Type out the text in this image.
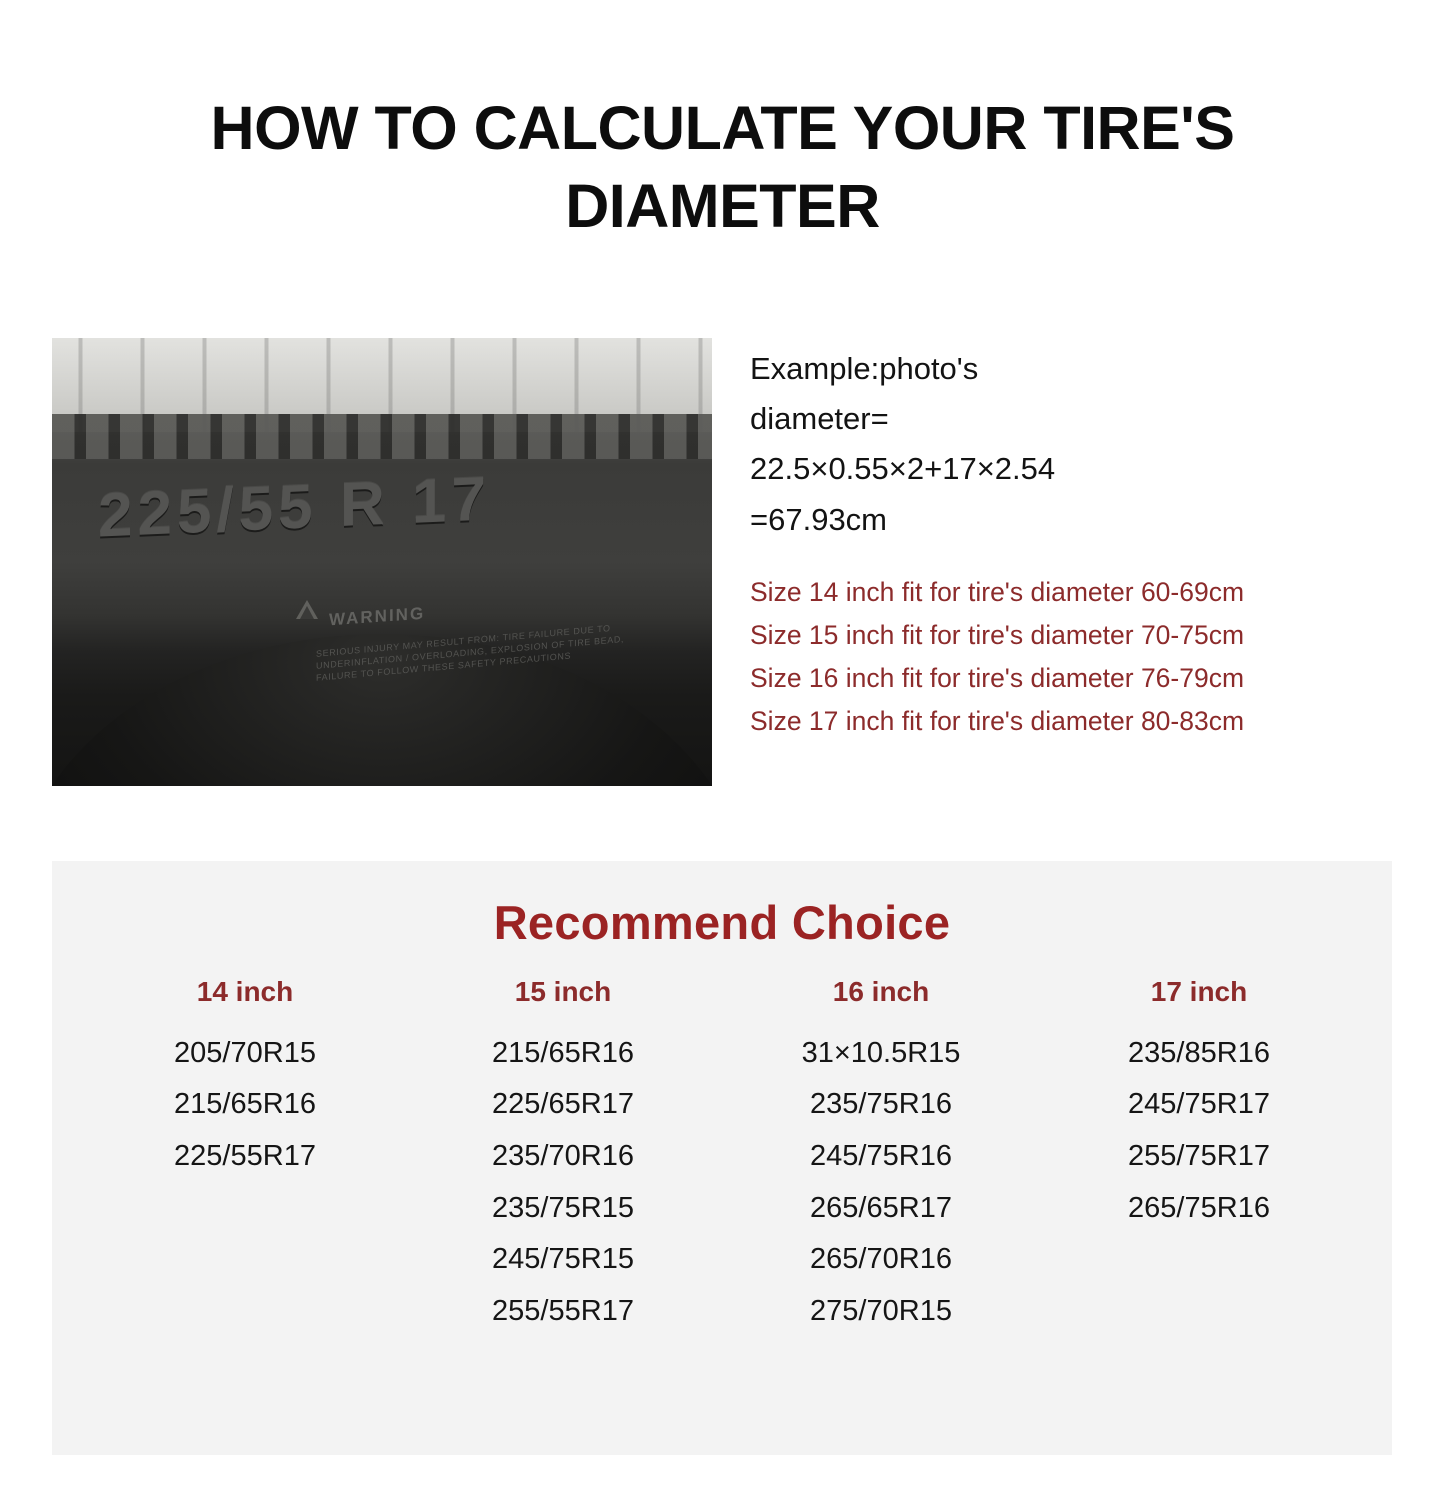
HOW TO CALCULATE YOUR TIRE'S DIAMETER
225/55 R 17
WARNING
SERIOUS INJURY MAY RESULT FROM: TIRE FAILURE DUE TO UNDERINFLATION / OVERLOADING, EXPLOSION OF TIRE BEAD, FAILURE TO FOLLOW THESE SAFETY PRECAUTIONS
Example:photo's
diameter=
22.5×0.55×2+17×2.54
=67.93cm
Size 14 inch fit for tire's diameter 60-69cm
Size 15 inch fit for tire's diameter 70-75cm
Size 16 inch fit for tire's diameter 76-79cm
Size 17 inch fit for tire's diameter 80-83cm
Recommend Choice
14 inch
205/70R15
215/65R16
225/55R17
15 inch
215/65R16
225/65R17
235/70R16
235/75R15
245/75R15
255/55R17
16 inch
31×10.5R15
235/75R16
245/75R16
265/65R17
265/70R16
275/70R15
17 inch
235/85R16
245/75R17
255/75R17
265/75R16
